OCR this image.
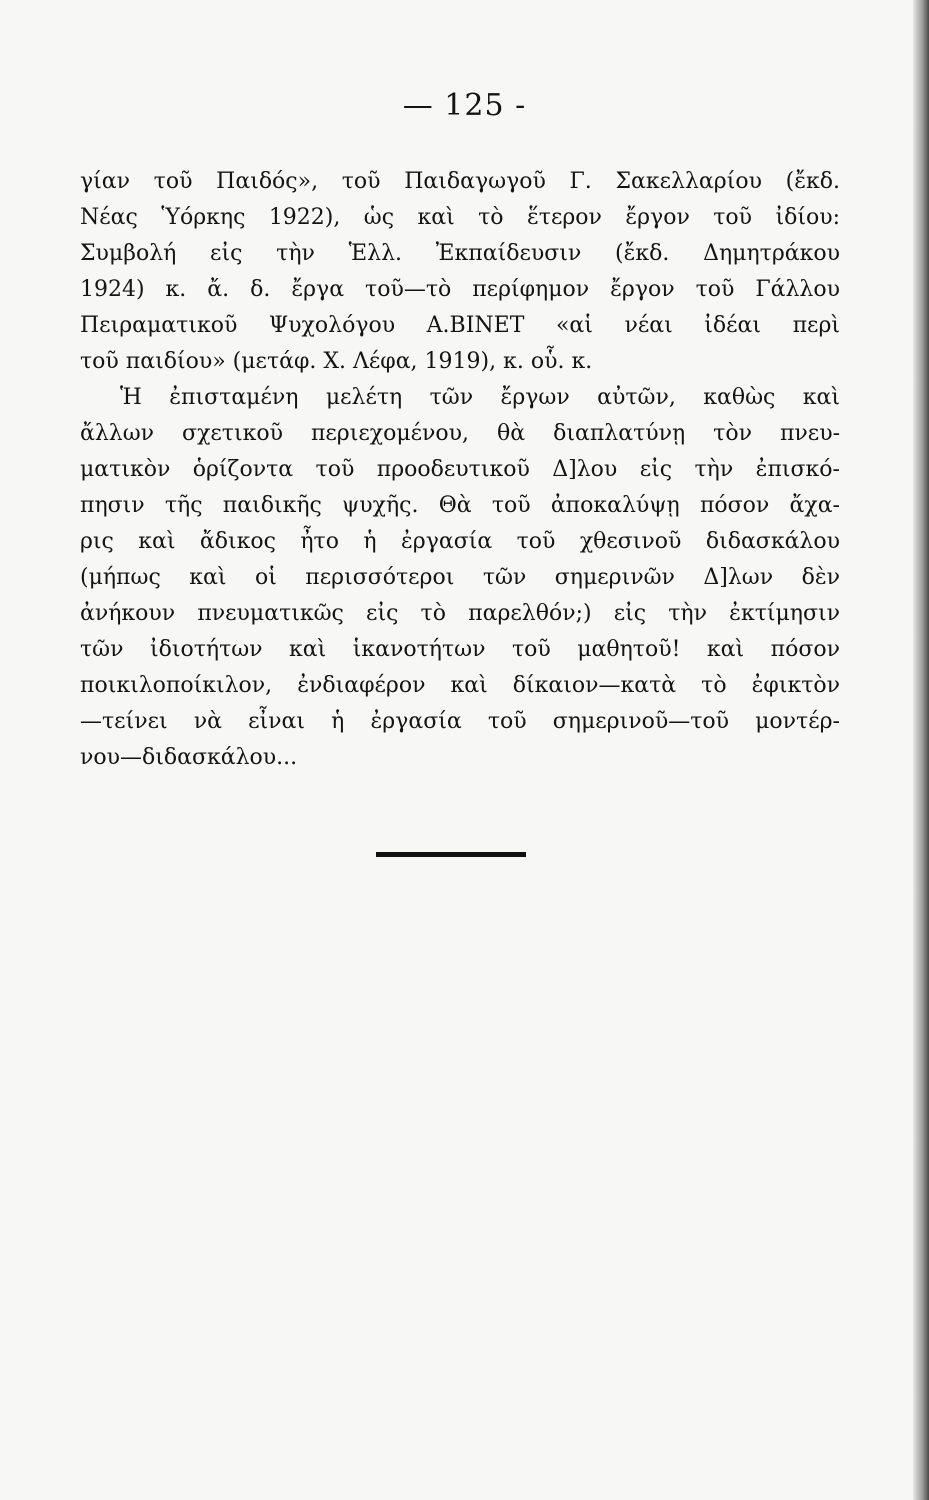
— 125 -
γίαν τοῦ Παιδός», τοῦ Παιδαγωγοῦ Γ. Σακελλαρίου (ἔκδ.
Νέας Ὑόρκης 1922), ὡς καὶ τὸ ἕτερον ἔργον τοῦ ἰδίου:
Συμβολή εἰς τὴν Ἑλλ. Ἐκπαίδευσιν (ἔκδ. Δημητράκου
1924) κ. ἄ. δ. ἔργα τοῦ—τὸ περίφημον ἔργον τοῦ Γάλλου
Πειραματικοῦ Ψυχολόγου Α.ΒΙΝΕΤ «αἱ νέαι ἰδέαι περὶ
τοῦ παιδίου» (μετάφ. Χ. Λέφα, 1919), κ. οὗ. κ.
Ἡ ἐπισταμένη μελέτη τῶν ἔργων αὐτῶν, καθὼς καὶ
ἄλλων σχετικοῦ περιεχομένου, θὰ διαπλατύνῃ τὸν πνευ-
ματικὸν ὁρίζοντα τοῦ προοδευτικοῦ Δ]λου εἰς τὴν ἐπισκό-
πησιν τῆς παιδικῆς ψυχῆς. Θὰ τοῦ ἀποκαλύψῃ πόσον ἄχα-
ρις καὶ ἄδικος ἦτο ἡ ἐργασία τοῦ χθεσινοῦ διδασκάλου
(μήπως καὶ οἱ περισσότεροι τῶν σημερινῶν Δ]λων δὲν
ἀνήκουν πνευματικῶς εἰς τὸ παρελθόν;) εἰς τὴν ἐκτίμησιν
τῶν ἰδιοτήτων καὶ ἱκανοτήτων τοῦ μαθητοῦ! καὶ πόσον
ποικιλοποίκιλον, ἐνδιαφέρον καὶ δίκαιον—κατὰ τὸ ἐφικτὸν
—τείνει νὰ εἶναι ἡ ἐργασία τοῦ σημερινοῦ—τοῦ μοντέρ-
νου—διδασκάλου...
